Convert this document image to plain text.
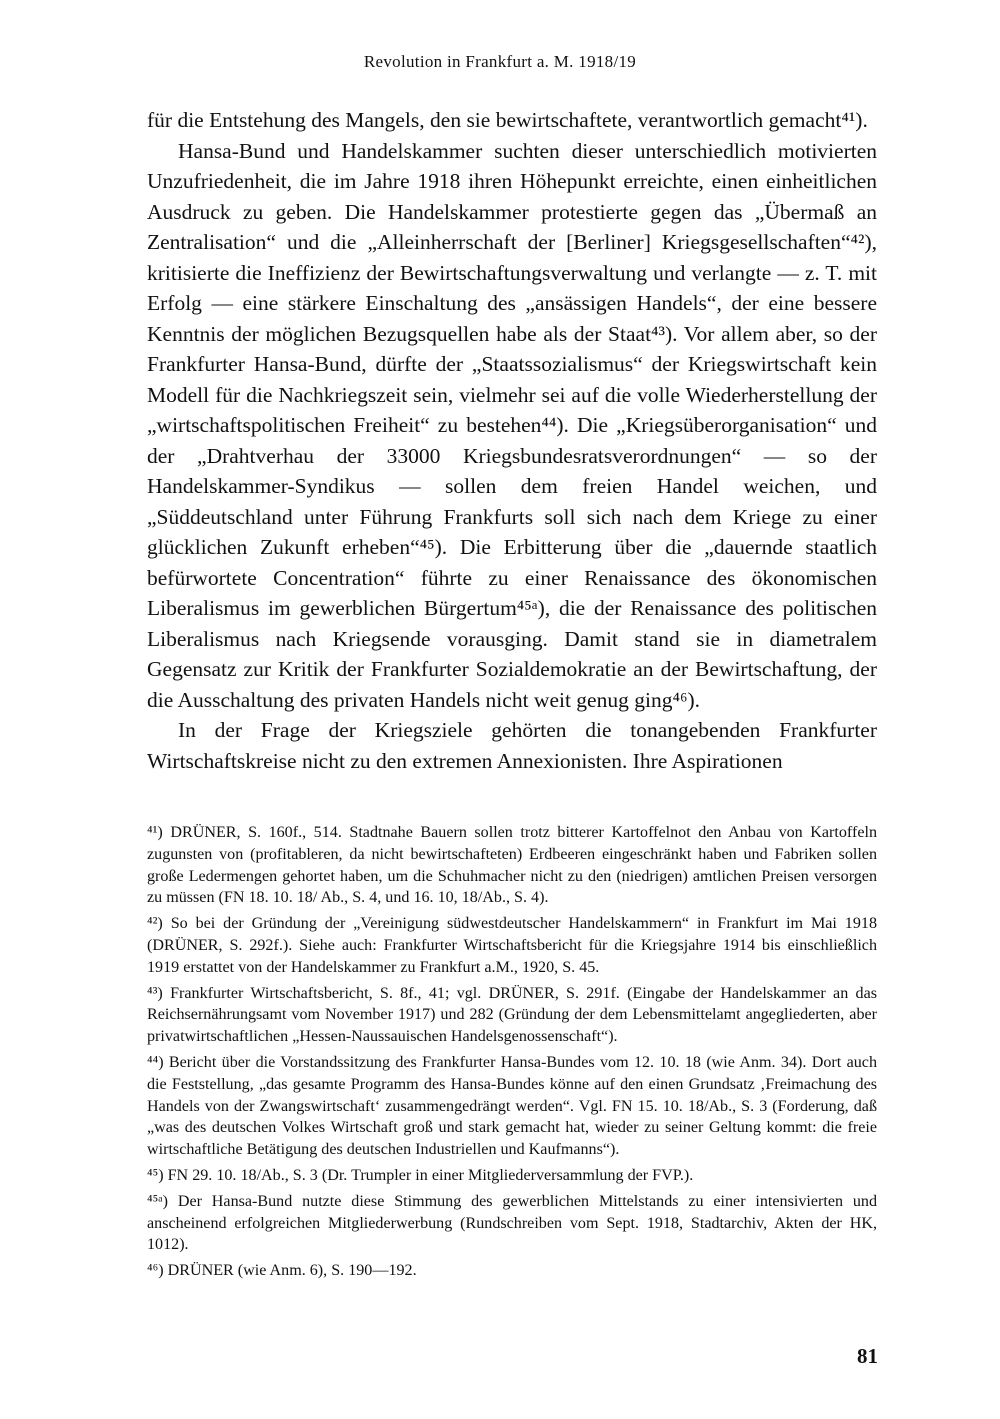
Revolution in Frankfurt a. M. 1918/19

für die Entstehung des Mangels, den sie bewirtschaftete, verantwortlich gemacht⁴¹).

Hansa-Bund und Handelskammer suchten dieser unterschiedlich motivierten Unzufriedenheit, die im Jahre 1918 ihren Höhepunkt erreichte, einen einheitlichen Ausdruck zu geben. Die Handelskammer protestierte gegen das „Übermaß an Zentralisation“ und die „Alleinherrschaft der [Berliner] Kriegsgesellschaften“⁴²), kritisierte die Ineffizienz der Bewirtschaftungsverwaltung und verlangte — z. T. mit Erfolg — eine stärkere Einschaltung des „ansässigen Handels“, der eine bessere Kenntnis der möglichen Bezugsquellen habe als der Staat⁴³). Vor allem aber, so der Frankfurter Hansa-Bund, dürfte der „Staatssozialismus“ der Kriegswirtschaft kein Modell für die Nachkriegszeit sein, vielmehr sei auf die volle Wiederherstellung der „wirtschaftspolitischen Freiheit“ zu bestehen⁴⁴). Die „Kriegsüberorganisation“ und der „Drahtverhau der 33000 Kriegsbundesratsverordnungen“ — so der Handelskammer-Syndikus — sollen dem freien Handel weichen, und „Süddeutschland unter Führung Frankfurts soll sich nach dem Kriege zu einer glücklichen Zukunft erheben“⁴⁵). Die Erbitterung über die „dauernde staatlich befürwortete Concentration“ führte zu einer Renaissance des ökonomischen Liberalismus im gewerblichen Bürgertum⁴⁵ᵃ), die der Renaissance des politischen Liberalismus nach Kriegsende vorausging. Damit stand sie in diametralem Gegensatz zur Kritik der Frankfurter Sozialdemokratie an der Bewirtschaftung, der die Ausschaltung des privaten Handels nicht weit genug ging⁴⁶).

In der Frage der Kriegsziele gehörten die tonangebenden Frankfurter Wirtschaftskreise nicht zu den extremen Annexionisten. Ihre Aspirationen

⁴¹) DRÜNER, S. 160f., 514. Stadtnahe Bauern sollen trotz bitterer Kartoffelnot den Anbau von Kartoffeln zugunsten von (profitableren, da nicht bewirtschafteten) Erdbeeren eingeschränkt haben und Fabriken sollen große Ledermengen gehortet haben, um die Schuhmacher nicht zu den (niedrigen) amtlichen Preisen versorgen zu müssen (FN 18. 10. 18/ Ab., S. 4, und 16. 10, 18/Ab., S. 4).

⁴²) So bei der Gründung der „Vereinigung südwestdeutscher Handelskammern“ in Frankfurt im Mai 1918 (DRÜNER, S. 292f.). Siehe auch: Frankfurter Wirtschaftsbericht für die Kriegsjahre 1914 bis einschließlich 1919 erstattet von der Handelskammer zu Frankfurt a.M., 1920, S. 45.

⁴³) Frankfurter Wirtschaftsbericht, S. 8f., 41; vgl. DRÜNER, S. 291f. (Eingabe der Handelskammer an das Reichsernährungsamt vom November 1917) und 282 (Gründung der dem Lebensmittelamt angegliederten, aber privatwirtschaftlichen „Hessen-Naussauischen Handelsgenossenschaft“).

⁴⁴) Bericht über die Vorstandssitzung des Frankfurter Hansa-Bundes vom 12. 10. 18 (wie Anm. 34). Dort auch die Feststellung, „das gesamte Programm des Hansa-Bundes könne auf den einen Grundsatz ‚Freimachung des Handels von der Zwangswirtschaft‘ zusammengedrängt werden“. Vgl. FN 15. 10. 18/Ab., S. 3 (Forderung, daß „was des deutschen Volkes Wirtschaft groß und stark gemacht hat, wieder zu seiner Geltung kommt: die freie wirtschaftliche Betätigung des deutschen Industriellen und Kaufmanns“).

⁴⁵) FN 29. 10. 18/Ab., S. 3 (Dr. Trumpler in einer Mitgliederversammlung der FVP.).

⁴⁵ᵃ) Der Hansa-Bund nutzte diese Stimmung des gewerblichen Mittelstands zu einer intensivierten und anscheinend erfolgreichen Mitgliederwerbung (Rundschreiben vom Sept. 1918, Stadtarchiv, Akten der HK, 1012).

⁴⁶) DRÜNER (wie Anm. 6), S. 190—192.

81
